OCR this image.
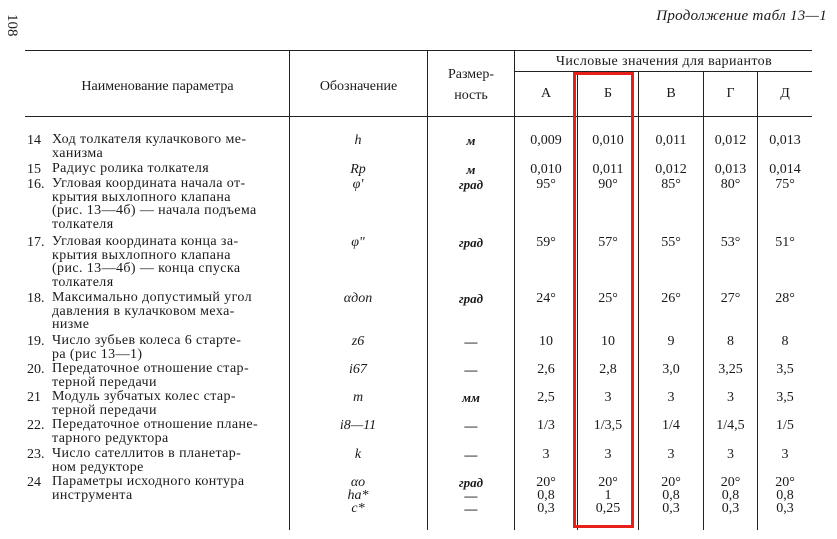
108	Продолжение табл 13—1
Наименование параметра	Обозначение
Размер-
ность
Числовые значения для вариантов
А	Б	В	Г	Д
14 Ход толкателя кулачкового ме-
ханизма
h	м	0,009	0,010	0,011	0,012	0,013
15 Радиус ролика толкателя	Rр	м	0,010	0,011	0,012	0,013	0,014
16. Угловая координата начала от-
крытия выхлопного клапана
(рис. 13—4б) — начала подъема
толкателя
φ'	град	95°	90°	85°	80°	75°
17. Угловая координата конца за-
крытия выхлопного клапана
(рис. 13—4б) — конца спуска
толкателя
φ"	град	59°	57°	55°	53°	51°
18. Максимально допустимый угол
давления в кулачковом меха-
низме
αдоп	град	24°	25°	26°	27°	28°
19. Число зубьев колеса 6 старте-
ра (рис 13—1)
z6	—	10	10	9	8	8
20. Передаточное отношение стар-
терной передачи
i67	—	2,6	2,8	3,0	3,25	3,5
21 Модуль зубчатых колес стар-
терной передачи
m	мм	2,5	3	3	3	3,5
22. Передаточное отношение плане-
тарного редуктора
i8—11	—	1/3	1/3,5	1/4	1/4,5	1/5
23. Число сателлитов в планетар-
ном редукторе
k	—	3	3	3	3	3
24 Параметры исходного контура
инструмента
αo	град	20°	20°	20°	20°	20°
ha*	—	0,8	1	0,8	0,8	0,8
c*	—	0,3	0,25	0,3	0,3	0,3
